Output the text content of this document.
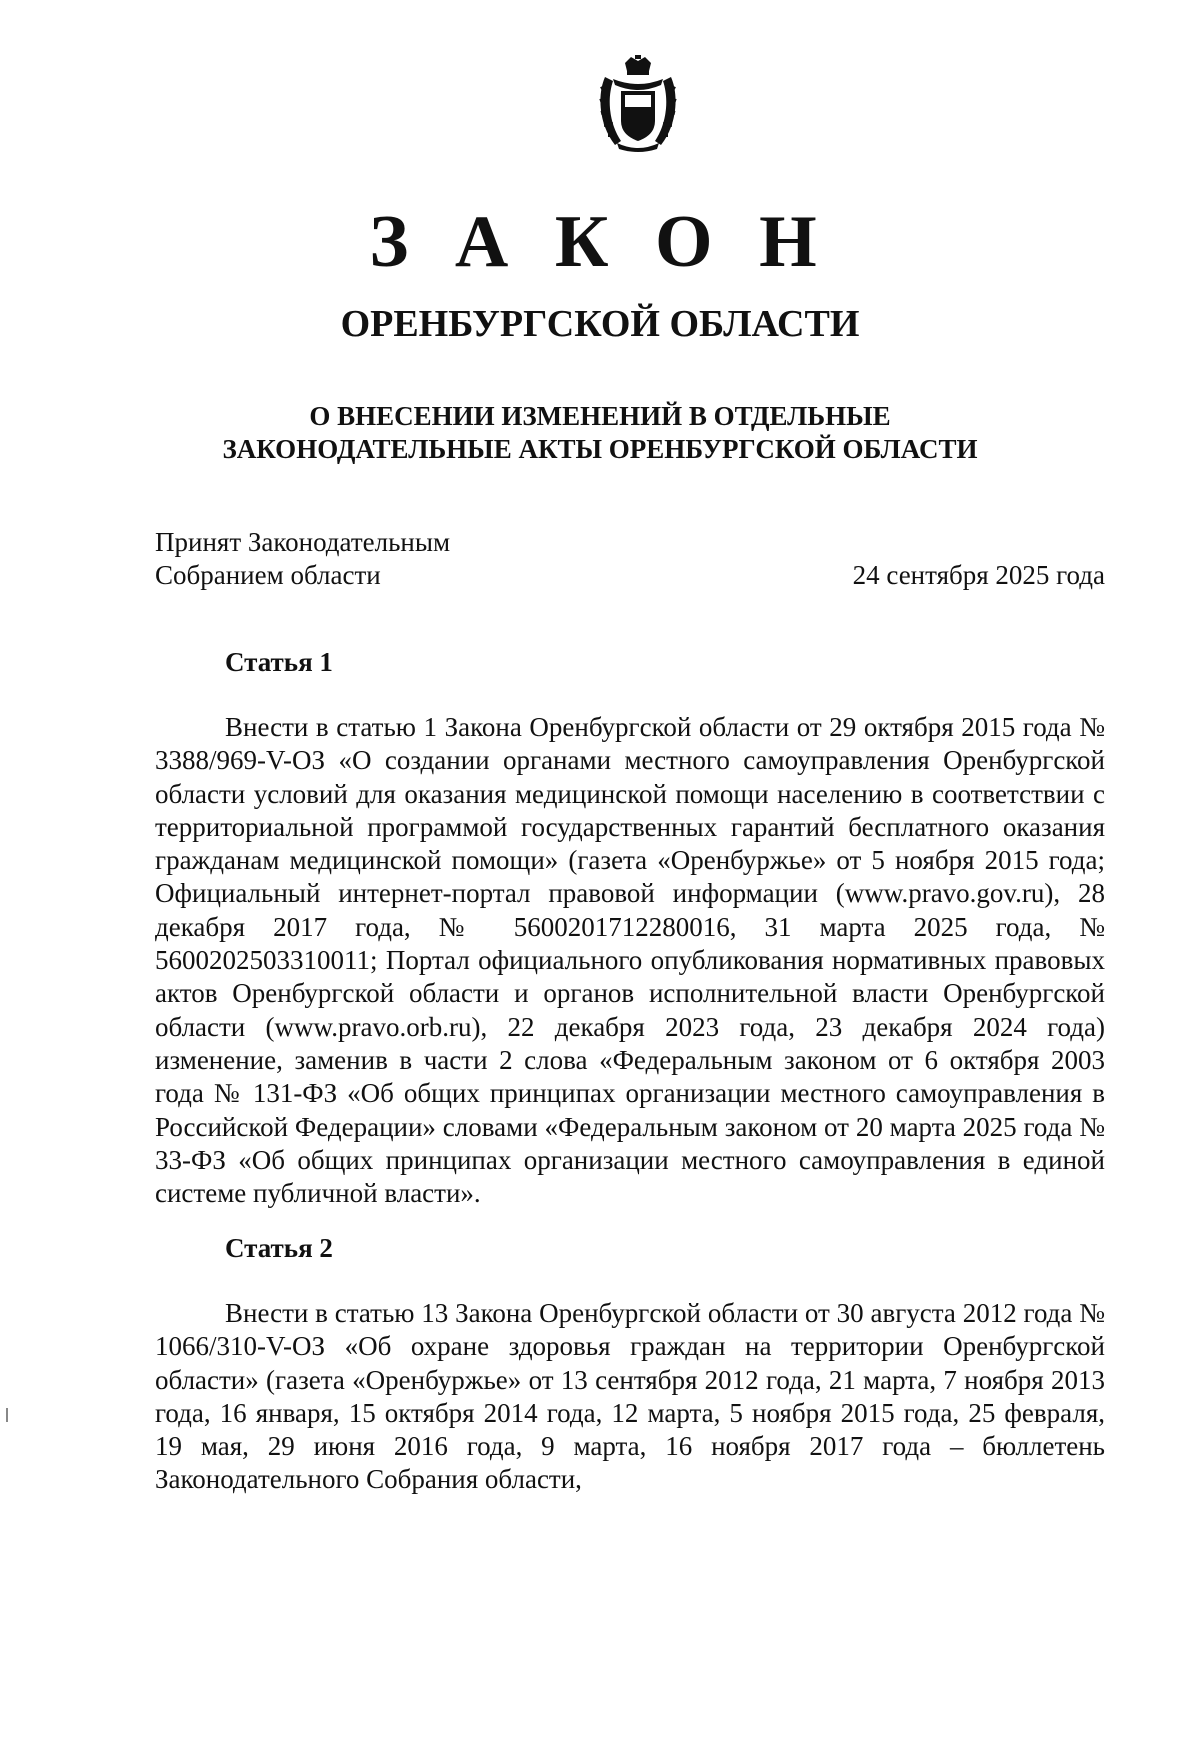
З А К О Н
ОРЕНБУРГСКОЙ ОБЛАСТИ
О ВНЕСЕНИИ ИЗМЕНЕНИЙ В ОТДЕЛЬНЫЕ
ЗАКОНОДАТЕЛЬНЫЕ АКТЫ ОРЕНБУРГСКОЙ ОБЛАСТИ
Принят Законодательным
Собранием области	24 сентября 2025 года
Статья 1

Внести в статью 1 Закона Оренбургской области от 29 октября 2015 года № 3388/969-V-ОЗ «О создании органами местного самоуправления Оренбургской области условий для оказания медицинской помощи населению в соответствии с территориальной программой государственных гарантий бесплатного оказания гражданам медицинской помощи» (газета «Оренбуржье» от 5 ноября 2015 года; Официальный интернет-портал правовой информации (www.pravo.gov.ru), 28 декабря 2017 года, № 5600201712280016, 31 марта 2025 года, № 5600202503310011; Портал официального опубликования нормативных правовых актов Оренбургской области и органов исполнительной власти Оренбургской области (www.pravo.orb.ru), 22 декабря 2023 года, 23 декабря 2024 года) изменение, заменив в части 2 слова «Федеральным законом от 6 октября 2003 года № 131-ФЗ «Об общих принципах организации местного самоуправления в Российской Федерации» словами «Федеральным законом от 20 марта 2025 года № 33-ФЗ «Об общих принципах организации местного самоуправления в единой системе публичной власти».

Статья 2

Внести в статью 13 Закона Оренбургской области от 30 августа 2012 года № 1066/310-V-ОЗ «Об охране здоровья граждан на территории Оренбургской области» (газета «Оренбуржье» от 13 сентября 2012 года, 21 марта, 7 ноября 2013 года, 16 января, 15 октября 2014 года, 12 марта, 5 ноября 2015 года, 25 февраля, 19 мая, 29 июня 2016 года, 9 марта, 16 ноября 2017 года – бюллетень Законодательного Собрания области,
